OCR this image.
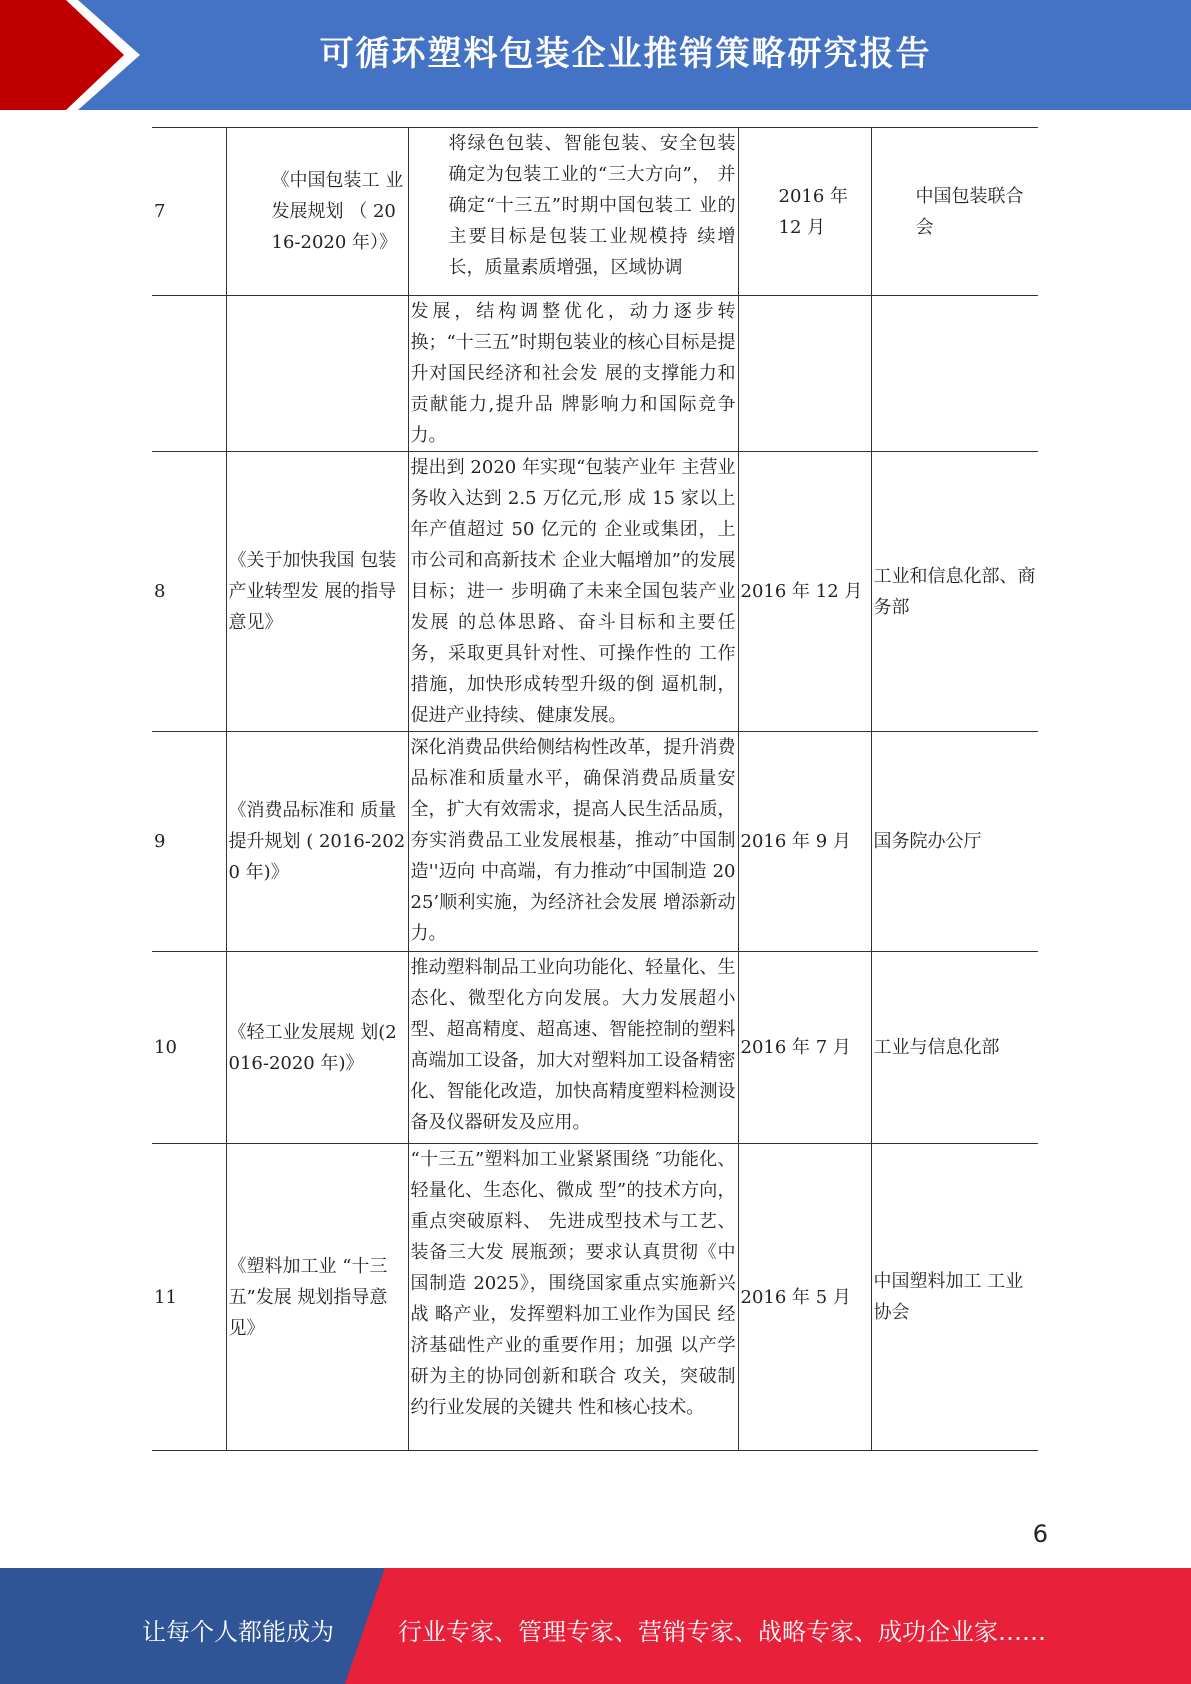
可循环塑料包装企业推销策略研究报告
7	《中国包装工 业 发展规划 （ 2016-2020 年）》	将绿色包装、智能包装、安全包装 确定为包装工业的“三大方向”， 并确定“十三五”时期中国包装工 业的主要目标是包装工业规模持 续增长，质量素质增强，区域协调	2016 年 12 月	中国包装联合会
		发展，结构调整优化，动力逐步转换；“十三五”时期包装业的核心目标是提升对国民经济和社会发 展的支撑能力和贡献能力,提升品 牌影响力和国际竞争力。		
8	《关于加快我国 包装产业转型发 展的指导意见》	提出到 2020 年实现“包装产业年 主营业务收入达到 2.5 万亿元,形 成 15 家以上年产值超过 50 亿元的 企业或集团，上市公司和高新技术 企业大幅增加”的发展目标；进一 步明确了未来全国包装产业发展 的总体思路、奋斗目标和主要任 务，采取更具针对性、可操作性的 工作措施，加快形成转型升级的倒 逼机制，促进产业持续、健康发展。	2016 年 12 月	工业和信息化部、商务部
9	《消费品标准和 质量提升规划 ( 2016-2020 年)》	深化消费品供给侧结构性改革，提升消费品标准和质量水平，确保消费品质量安全，扩大有效需求，提高人民生活品质，夯实消费品工业发展根基，推动″中国制造''迈向 中高端，有力推动″中国制造 2025’顺利实施，为经济社会发展 增添新动力。	2016 年 9 月	国务院办公厅
10	《轻工业发展规 划(2016-2020 年)》	推动塑料制品工业向功能化、轻量化、生态化、微型化方向发展。大力发展超小型、超髙精度、超髙速、智能控制的塑料髙端加工设备，加大对塑料加工设备精密化、智能化改造，加快髙精度塑料检测设备及仪器研发及应用。	2016 年 7 月	工业与信息化部
11	《塑料加工业 “十三五”发展 规划指导意见》	“十三五”塑料加工业紧紧围绕 ″功能化、轻量化、生态化、微成 型”的技术方向，重点突破原料、 先进成型技术与工艺、装备三大发 展瓶颈；要求认真贯彻《中国制造 2025》，围绕国家重点实施新兴战 略产业，发挥塑料加工业作为国民 经济基础性产业的重要作用；加强 以产学研为主的协同创新和联合 攻关，突破制约行业发展的关键共 性和核心技术。	2016 年 5 月	中国塑料加工 工业协会
6
让每个人都能成为	行业专家、管理专家、营销专家、战略专家、成功企业家……
